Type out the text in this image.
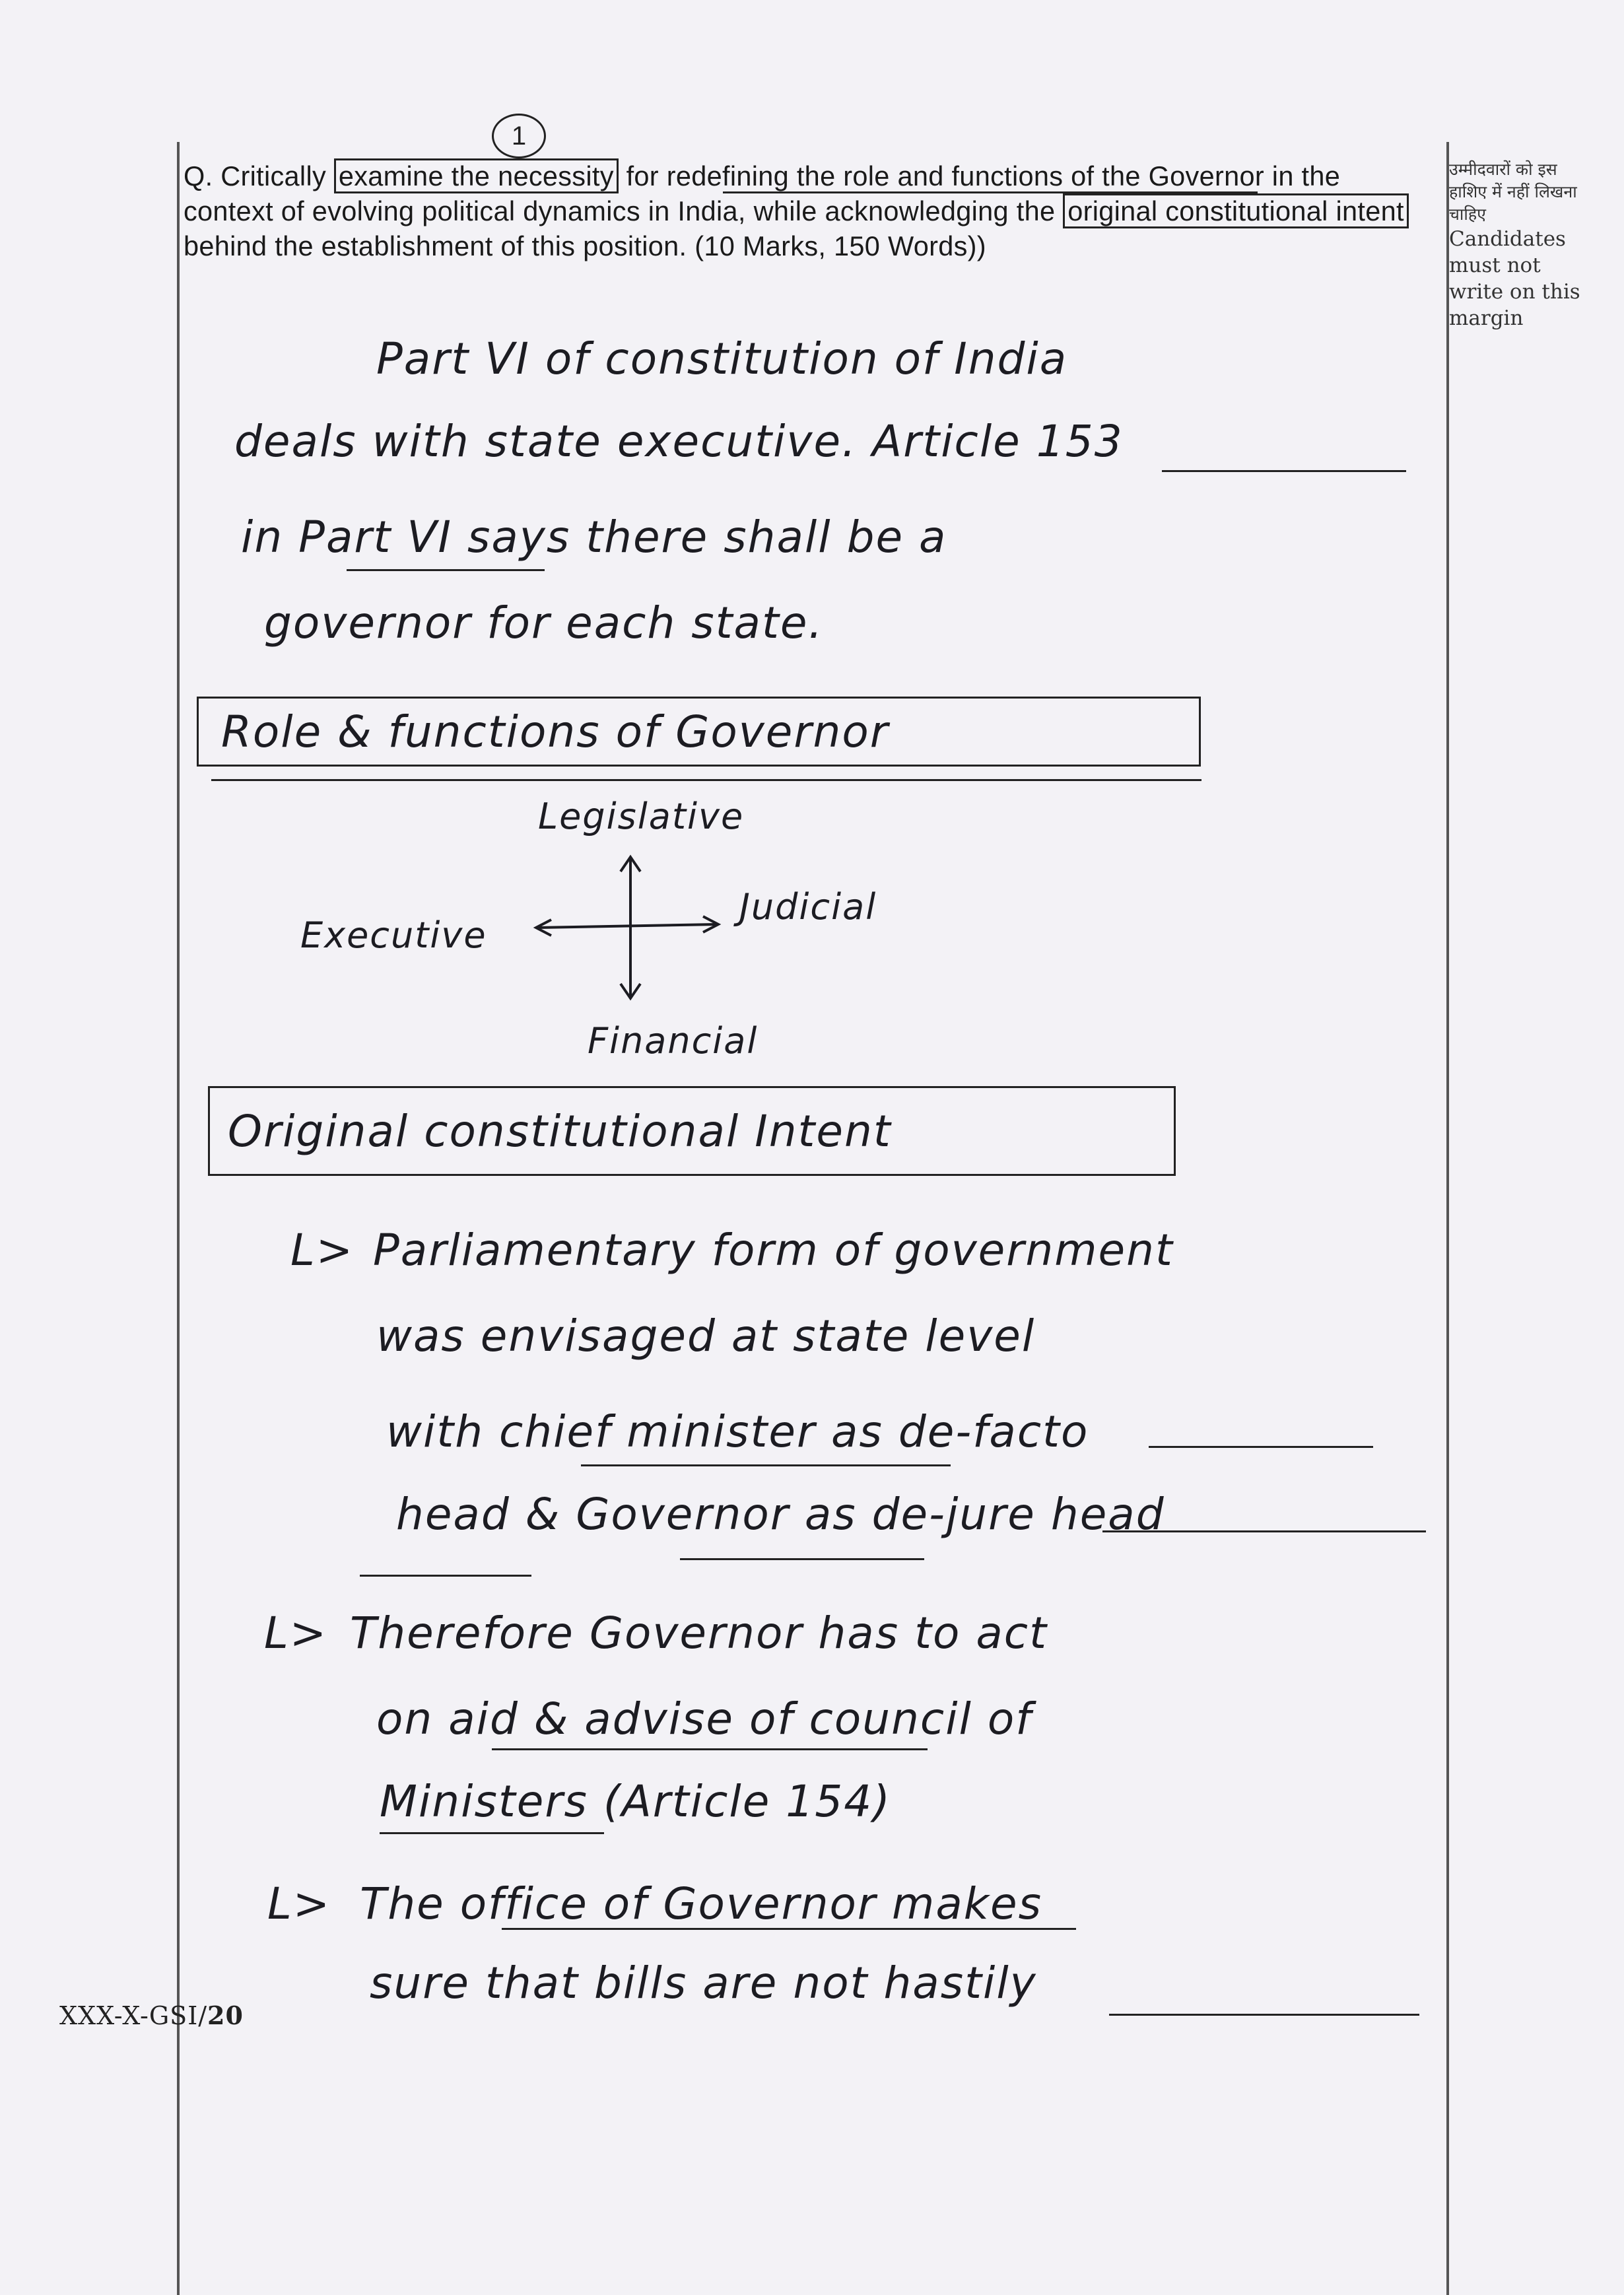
1
Q. Critically examine the necessity for redefining the role and functions of the Governor in the context of evolving political dynamics in India, while acknowledging the original constitutional intent behind the establishment of this position. (10 Marks, 150 Words))
उम्मीदवारों को इस हाशिए में नहीं लिखना चाहिए
Candidates must not write on this margin
Part VI of constitution of India
deals with state executive. Article 153
in Part VI says there shall be a
governor for each state.
Role & functions of Governor
Legislative
Executive
Judicial
Financial
Original constitutional Intent
L> Parliamentary form of government
was envisaged at state level
with chief minister as de-facto
head & Governor as de-jure head
L> Therefore Governor has to act
on aid & advise of council of
Ministers (Article 154)
L> The office of Governor makes
sure that bills are not hastily
XXX-X-GSI/20
